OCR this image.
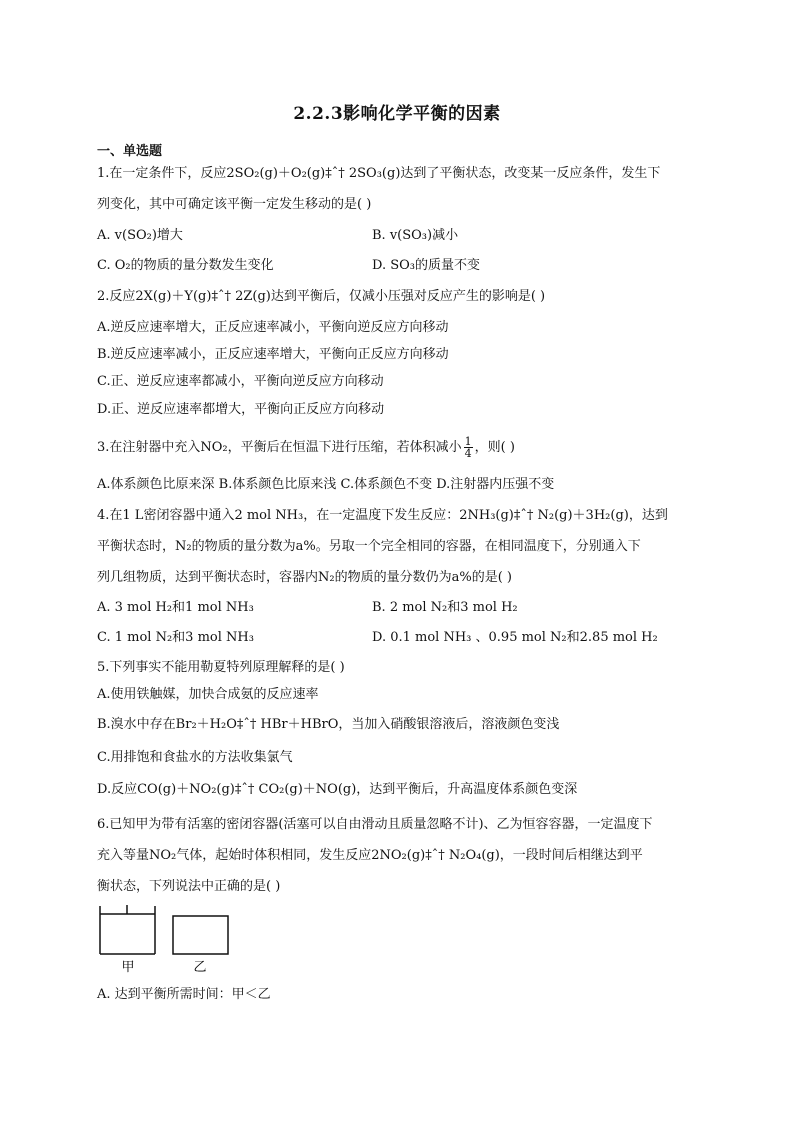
2.2.3影响化学平衡的因素
一、单选题
1.在一定条件下，反应2SO₂(g)＋O₂(g)‡ˆ† 2SO₃(g)达到了平衡状态，改变某一反应条件，发生下
列变化，其中可确定该平衡一定发生移动的是( )
A. v(SO₂)增大	B. v(SO₃)减小
C. O₂的物质的量分数发生变化	D. SO₃的质量不变
2.反应2X(g)＋Y(g)‡ˆ† 2Z(g)达到平衡后，仅减小压强对反应产生的影响是( )
A.逆反应速率增大，正反应速率减小，平衡向逆反应方向移动
B.逆反应速率减小，正反应速率增大，平衡向正反应方向移动
C.正、逆反应速率都减小，平衡向逆反应方向移动
D.正、逆反应速率都增大，平衡向正反应方向移动
A.体系颜色比原来深 B.体系颜色比原来浅 C.体系颜色不变 D.注射器内压强不变
4.在1 L密闭容器中通入2 mol NH₃，在一定温度下发生反应：2NH₃(g)‡ˆ† N₂(g)＋3H₂(g)，达到
平衡状态时，N₂的物质的量分数为a%。另取一个完全相同的容器，在相同温度下，分别通入下
列几组物质，达到平衡状态时，容器内N₂的物质的量分数仍为a%的是( )
A. 3 mol H₂和1 mol NH₃	B. 2 mol N₂和3 mol H₂
C. 1 mol N₂和3 mol NH₃	D. 0.1 mol NH₃ 、0.95 mol N₂和2.85 mol H₂
5.下列事实不能用勒夏特列原理解释的是( )
A.使用铁触媒，加快合成氨的反应速率
B.溴水中存在Br₂＋H₂O‡ˆ† HBr＋HBrO，当加入硝酸银溶液后，溶液颜色变浅
C.用排饱和食盐水的方法收集氯气
D.反应CO(g)＋NO₂(g)‡ˆ† CO₂(g)＋NO(g)，达到平衡后，升高温度体系颜色变深
6.已知甲为带有活塞的密闭容器(活塞可以自由滑动且质量忽略不计)、乙为恒容容器，一定温度下
充入等量NO₂气体，起始时体积相同，发生反应2NO₂(g)‡ˆ† N₂O₄(g)，一段时间后相继达到平
衡状态，下列说法中正确的是( )
A. 达到平衡所需时间：甲＜乙
3.在注射器中充入NO₂，平衡后在恒温下进行压缩，若体积减小 $\frac{1}{4}$ ，则( )
甲	乙
